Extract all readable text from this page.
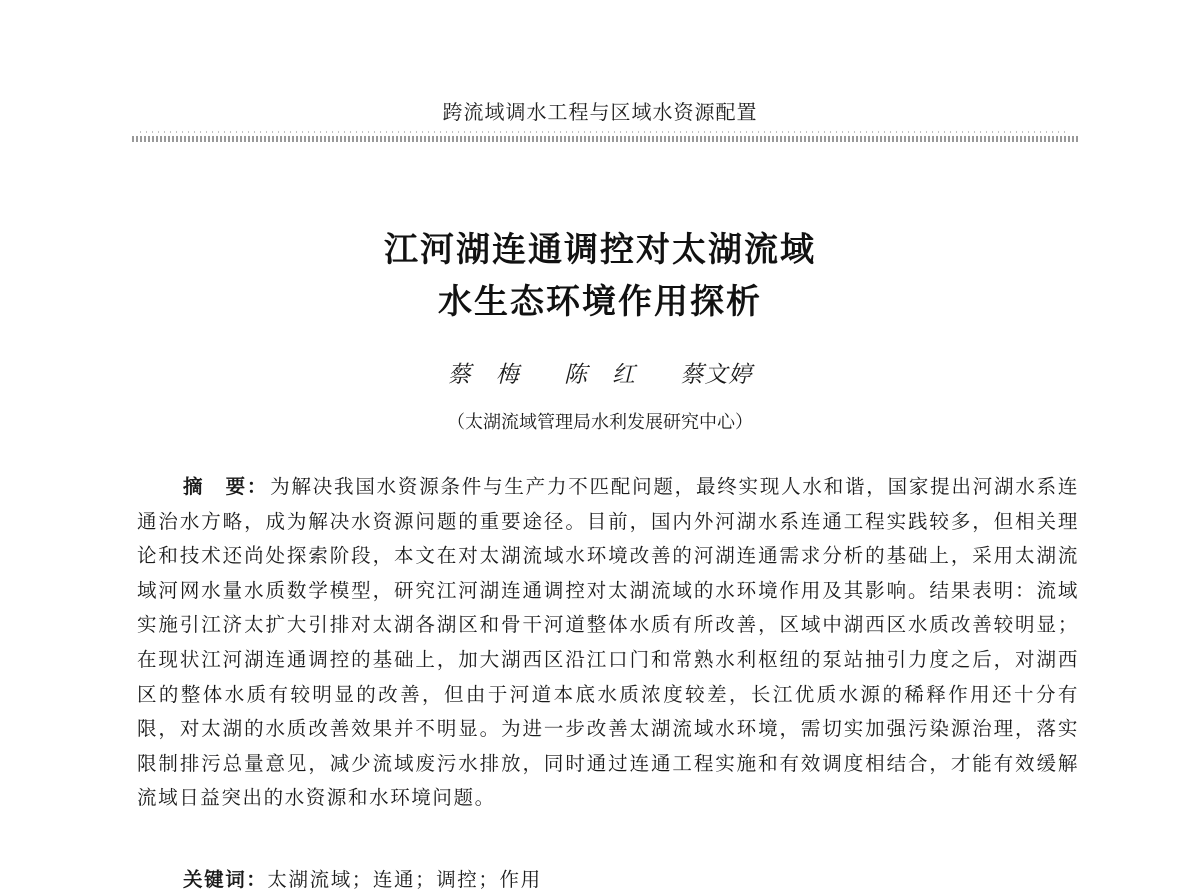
跨流域调水工程与区域水资源配置
江河湖连通调控对太湖流域
水生态环境作用探析
蔡　梅 陈　红 蔡文婷
（太湖流域管理局水利发展研究中心）
摘　要： 为解决我国水资源条件与生产力不匹配问题，最终实现人水和谐，国家提出河湖水系连通治水方略，成为解决水资源问题的重要途径。目前，国内外河湖水系连通工程实践较多，但相关理论和技术还尚处探索阶段，本文在对太湖流域水环境改善的河湖连通需求分析的基础上，采用太湖流域河网水量水质数学模型，研究江河湖连通调控对太湖流域的水环境作用及其影响。结果表明：流域实施引江济太扩大引排对太湖各湖区和骨干河道整体水质有所改善，区域中湖西区水质改善较明显；在现状江河湖连通调控的基础上，加大湖西区沿江口门和常熟水利枢纽的泵站抽引力度之后，对湖西区的整体水质有较明显的改善，但由于河道本底水质浓度较差，长江优质水源的稀释作用还十分有限，对太湖的水质改善效果并不明显。为进一步改善太湖流域水环境，需切实加强污染源治理，落实限制排污总量意见，减少流域废污水排放，同时通过连通工程实施和有效调度相结合，才能有效缓解流域日益突出的水资源和水环境问题。
关键词：太湖流域；连通；调控；作用
